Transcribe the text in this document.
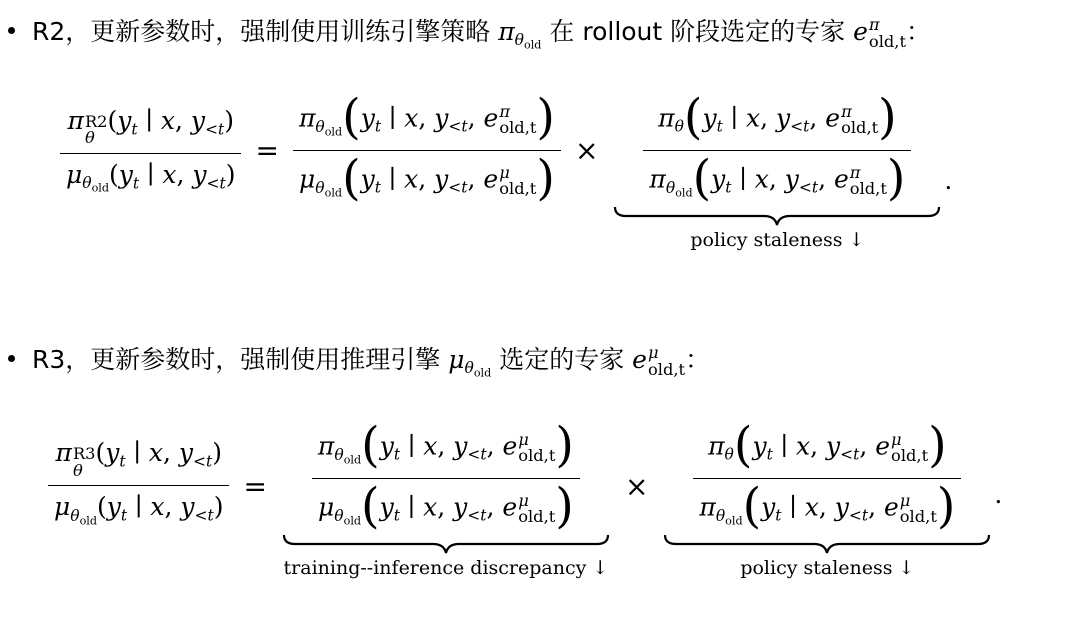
R2，更新参数时，强制使用训练引擎策略 $\pi_{\theta_{old}}$ 在 rollout 阶段选定的专家 e π
old,t ：
π R2
θ
($y_t$ ∣ x, $y_{<t}$)
$\mu_{\theta_{old}}(y_t$ ∣ x, $y_{<t}) = \pi_{\theta_{old}}(y_t$ ∣ x, $y_{<t}$, e π
old,t )
$\mu_{\theta_{old}}(y_t$ ∣ x, $y_{<t}$, e μ
old,t ) × $\pi_\theta(y_t$ ∣ x, $y_{<t}$, e π
old,t )
$\pi_{\theta_{old}}(y_t$ ∣ x, $y_{<t}$, e π
old,t )
policy staleness ↓
.
R3，更新参数时，强制使用推理引擎 $\mu_{\theta_{old}}$ 选定的专家 e μ
old,t ：
π R3
θ
($y_t$ ∣ x, $y_{<t}$)
$\mu_{\theta_{old}}(y_t$ ∣ x, $y_{<t}) = \pi_{\theta_{old}}(y_t$ ∣ x, $y_{<t}$, e μ
old,t )
$\mu_{\theta_{old}}(y_t$ ∣ x, $y_{<t}$, e μ
old,t )
training--inference discrepancy ↓
× $\pi_\theta(y_t$ ∣ x, $y_{<t}$, e μ
old,t )
$\pi_{\theta_{old}}(y_t$ ∣ x, $y_{<t}$, e μ
old,t )
policy staleness ↓
.
